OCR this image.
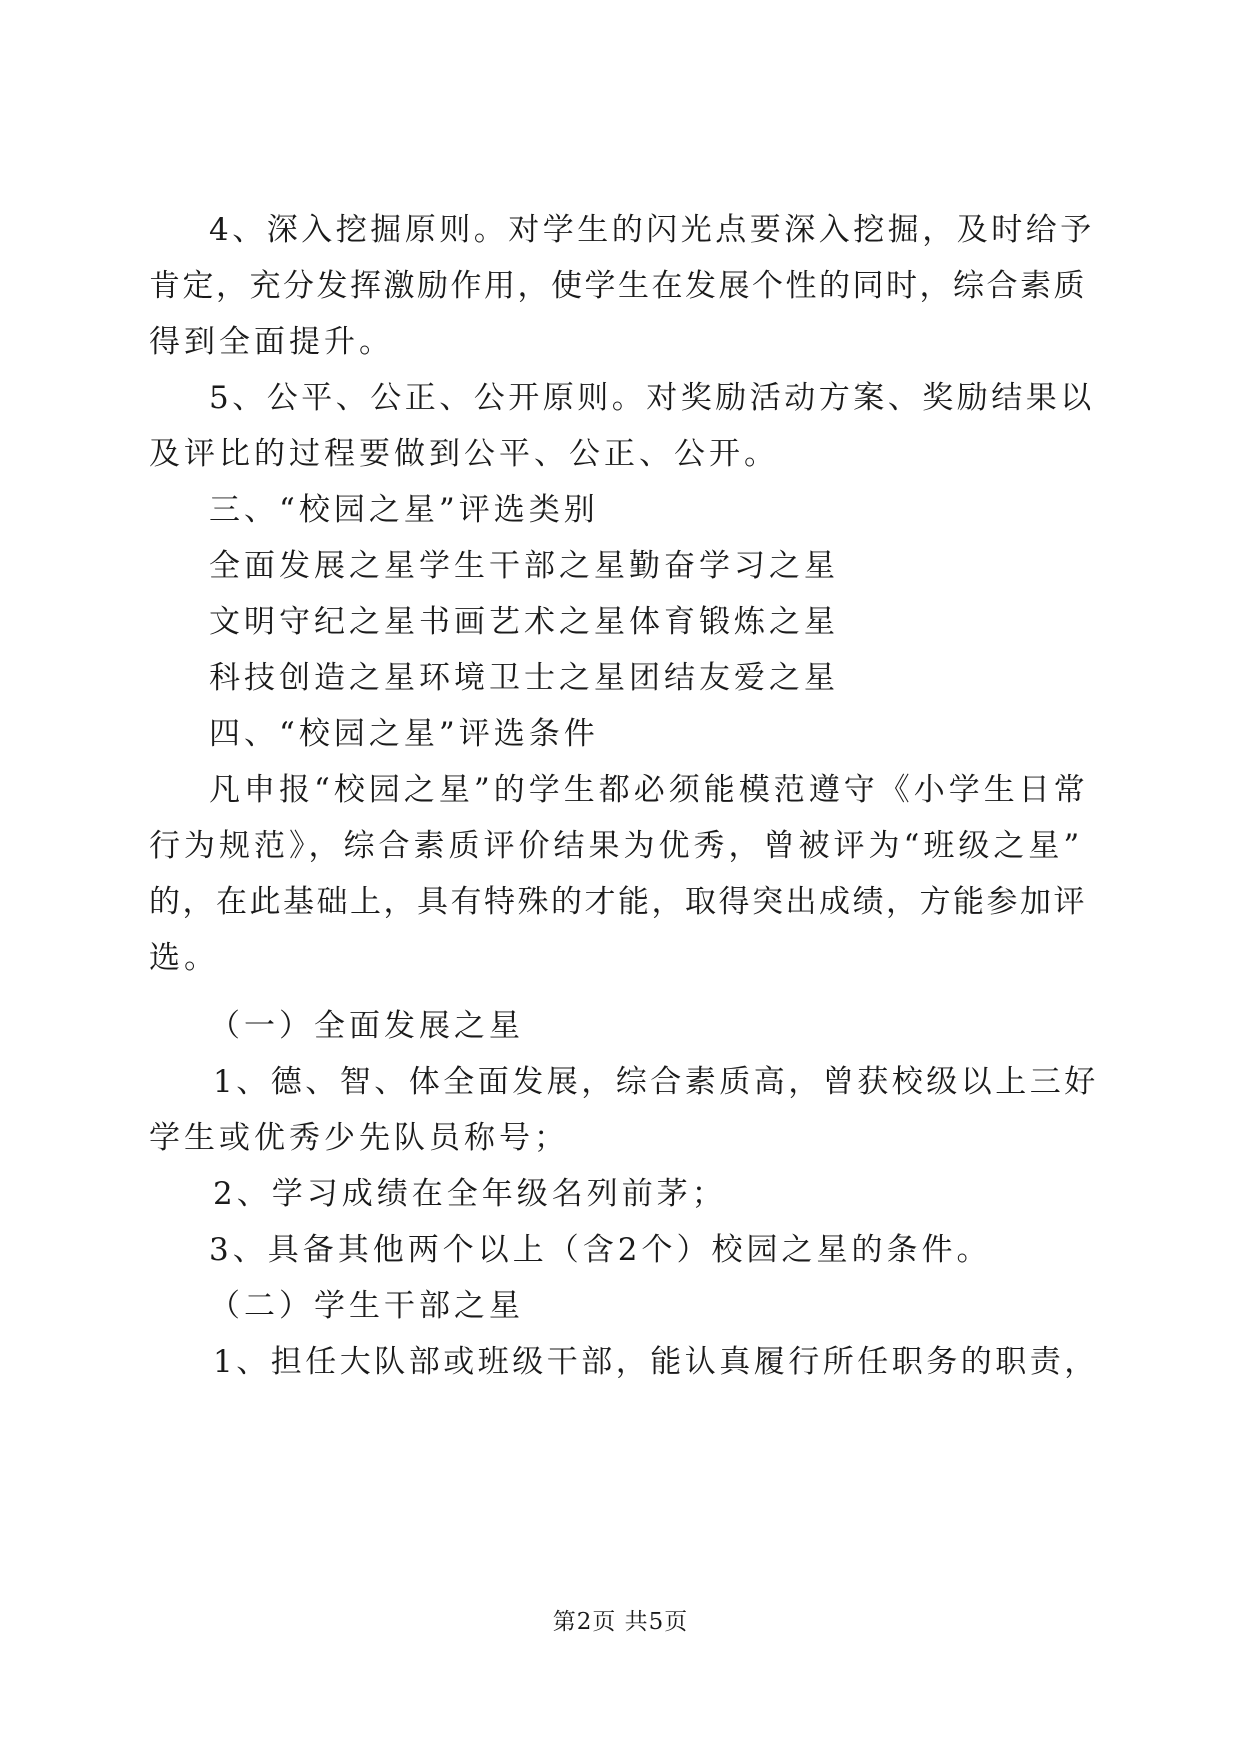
4、深入挖掘原则。对学生的闪光点要深入挖掘，及时给予
肯定，充分发挥激励作用，使学生在发展个性的同时，综合素质
得到全面提升。
5、公平、公正、公开原则。对奖励活动方案、奖励结果以
及评比的过程要做到公平、公正、公开。
三、“校园之星”评选类别
全面发展之星学生干部之星勤奋学习之星
文明守纪之星书画艺术之星体育锻炼之星
科技创造之星环境卫士之星团结友爱之星
四、“校园之星”评选条件
凡申报“校园之星”的学生都必须能模范遵守《小学生日常
行为规范》，综合素质评价结果为优秀，曾被评为“班级之星”
的，在此基础上，具有特殊的才能，取得突出成绩，方能参加评
选。
（一）全面发展之星
1、德、智、体全面发展，综合素质高，曾获校级以上三好
学生或优秀少先队员称号；
2、学习成绩在全年级名列前茅；
3、具备其他两个以上（含2个）校园之星的条件。
（二）学生干部之星
1、担任大队部或班级干部，能认真履行所任职务的职责，
第2页 共5页
